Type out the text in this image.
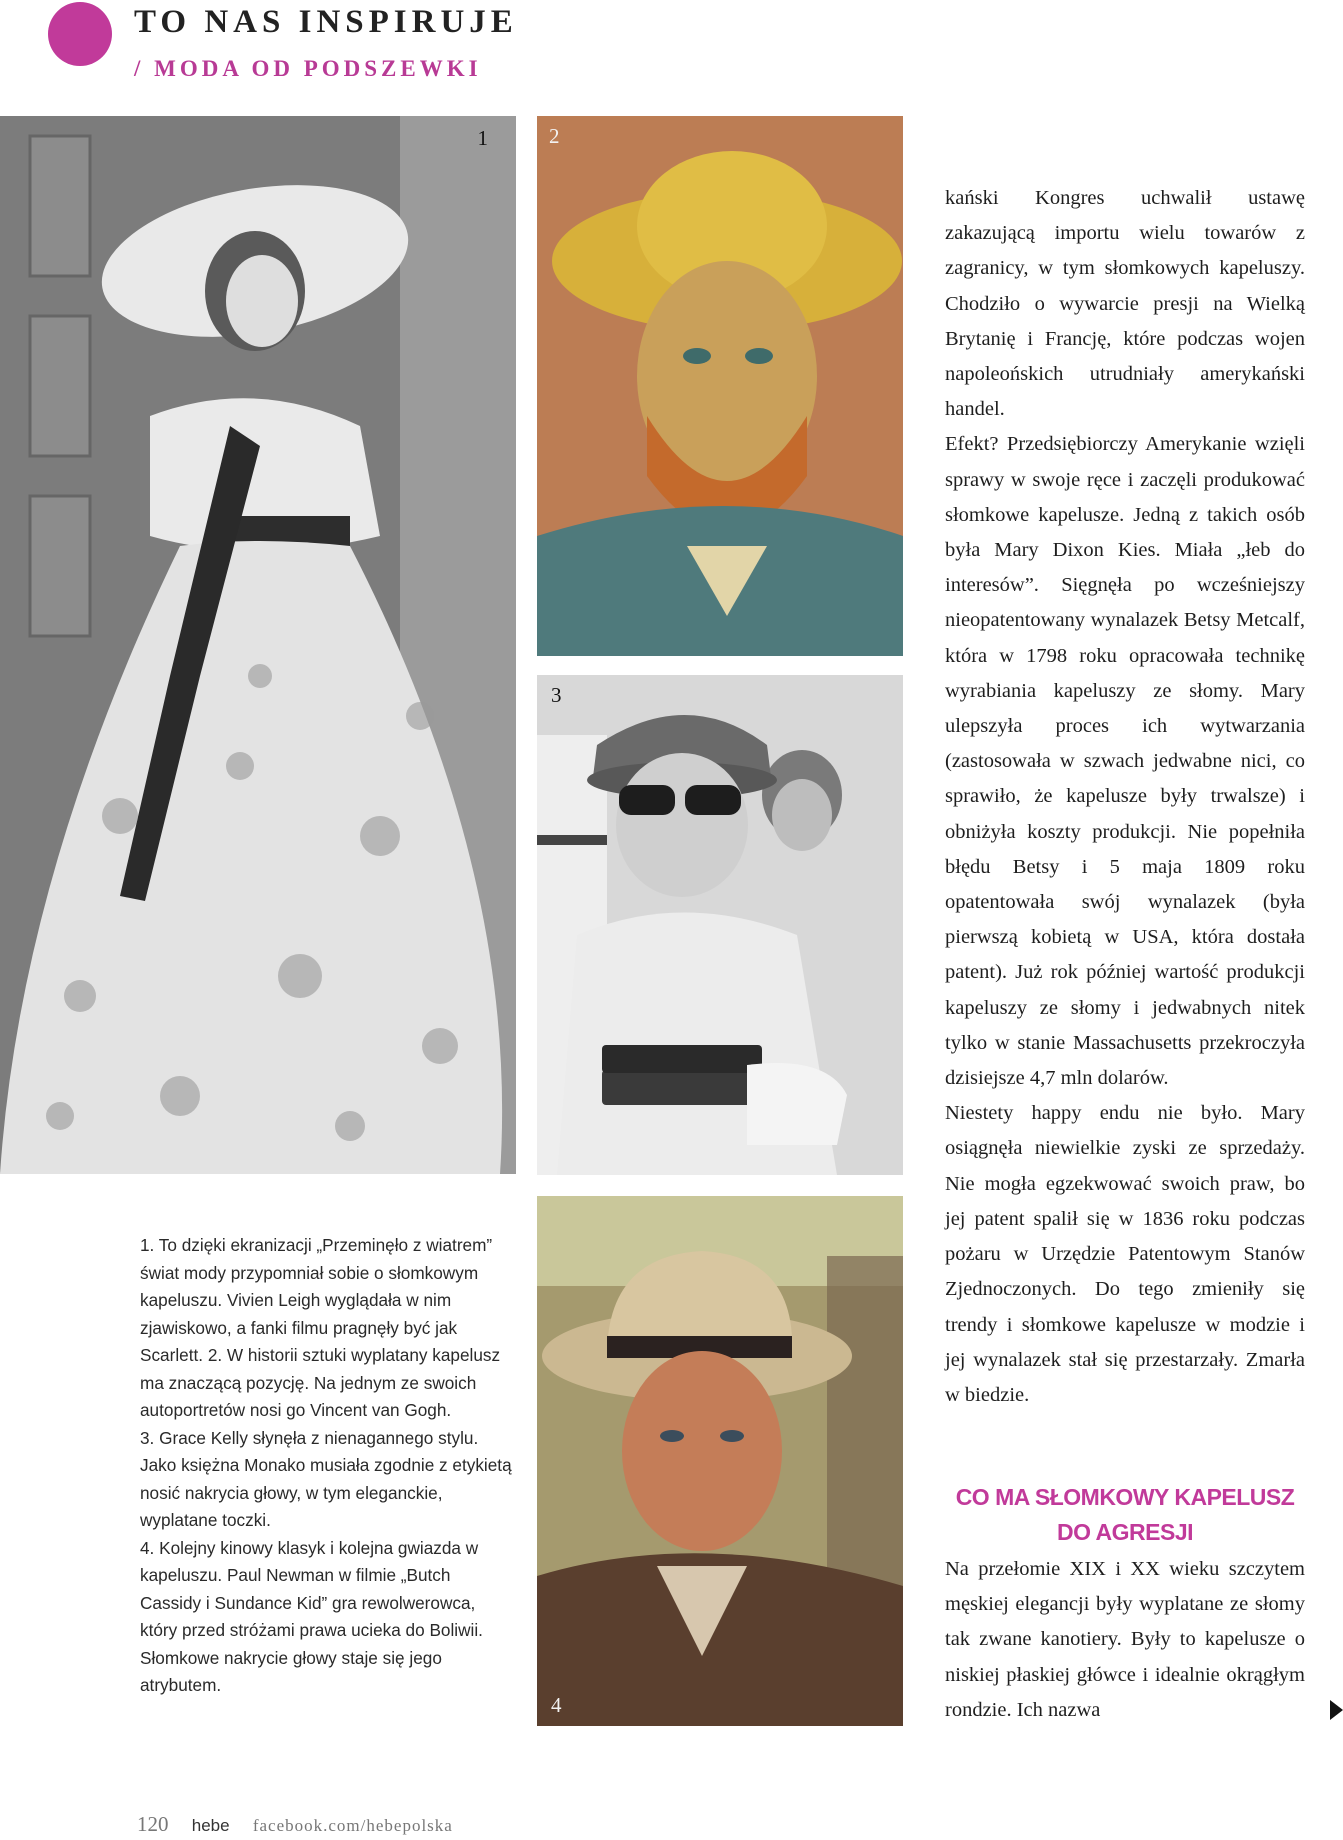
TO NAS INSPIRUJE
/ MODA OD PODSZEWKI
1	2
3
4

1. To dzięki ekranizacji „Przeminęło z wiatrem” świat mody przypomniał sobie o słomkowym kapeluszu. Vivien Leigh wyglądała w nim zjawiskowo, a fanki filmu pragnęły być jak Scarlett. 2. W historii sztuki wyplatany kapelusz ma znaczącą pozycję. Na jednym ze swoich autoportretów nosi go Vincent van Gogh.

3. Grace Kelly słynęła z nienagannego stylu. Jako księżna Monako musiała zgodnie z etykietą nosić nakrycia głowy, w tym eleganckie, wyplatane toczki.

4. Kolejny kinowy klasyk i kolejna gwiazda w kapeluszu. Paul Newman w filmie „Butch Cassidy i Sundance Kid” gra rewolwerowca, który przed stróżami prawa ucieka do Boliwii. Słomkowe nakrycie głowy staje się jego atrybutem.

kański Kongres uchwalił ustawę zakazującą importu wielu towarów z zagranicy, w tym słomkowych kapeluszy. Chodziło o wywarcie presji na Wielką Brytanię i Francję, które podczas wojen napoleońskich utrudniały amerykański handel.

Efekt? Przedsiębiorczy Amerykanie wzięli sprawy w swoje ręce i zaczęli produkować słomkowe kapelusze. Jedną z takich osób była Mary Dixon Kies. Miała „łeb do interesów”. Sięgnęła po wcześniejszy nieopatentowany wynalazek Betsy Metcalf, która w 1798 roku opracowała technikę wyrabiania kapeluszy ze słomy. Mary ulepszyła proces ich wytwarzania (zastosowała w szwach jedwabne nici, co sprawiło, że kapelusze były trwalsze) i obniżyła koszty produkcji. Nie popełniła błędu Betsy i 5 maja 1809 roku opatentowała swój wynalazek (była pierwszą kobietą w USA, która dostała patent). Już rok później wartość produkcji kapeluszy ze słomy i jedwabnych nitek tylko w stanie Massachusetts przekroczyła dzisiejsze 4,7 mln dolarów.

Niestety happy endu nie było. Mary osiągnęła niewielkie zyski ze sprzedaży. Nie mogła egzekwować swoich praw, bo jej patent spalił się w 1836 roku podczas pożaru w Urzędzie Patentowym Stanów Zjednoczonych. Do tego zmieniły się trendy i słomkowe kapelusze w modzie i jej wynalazek stał się przestarzały. Zmarła w biedzie.

CO MA SŁOMKOWY KAPELUSZ DO AGRESJI

Na przełomie XIX i XX wieku szczytem męskiej elegancji były wyplatane ze słomy tak zwane kanotiery. Były to kapelusze o niskiej płaskiej główce i idealnie okrągłym rondzie. Ich nazwa

120 hebe facebook.com/hebepolska
